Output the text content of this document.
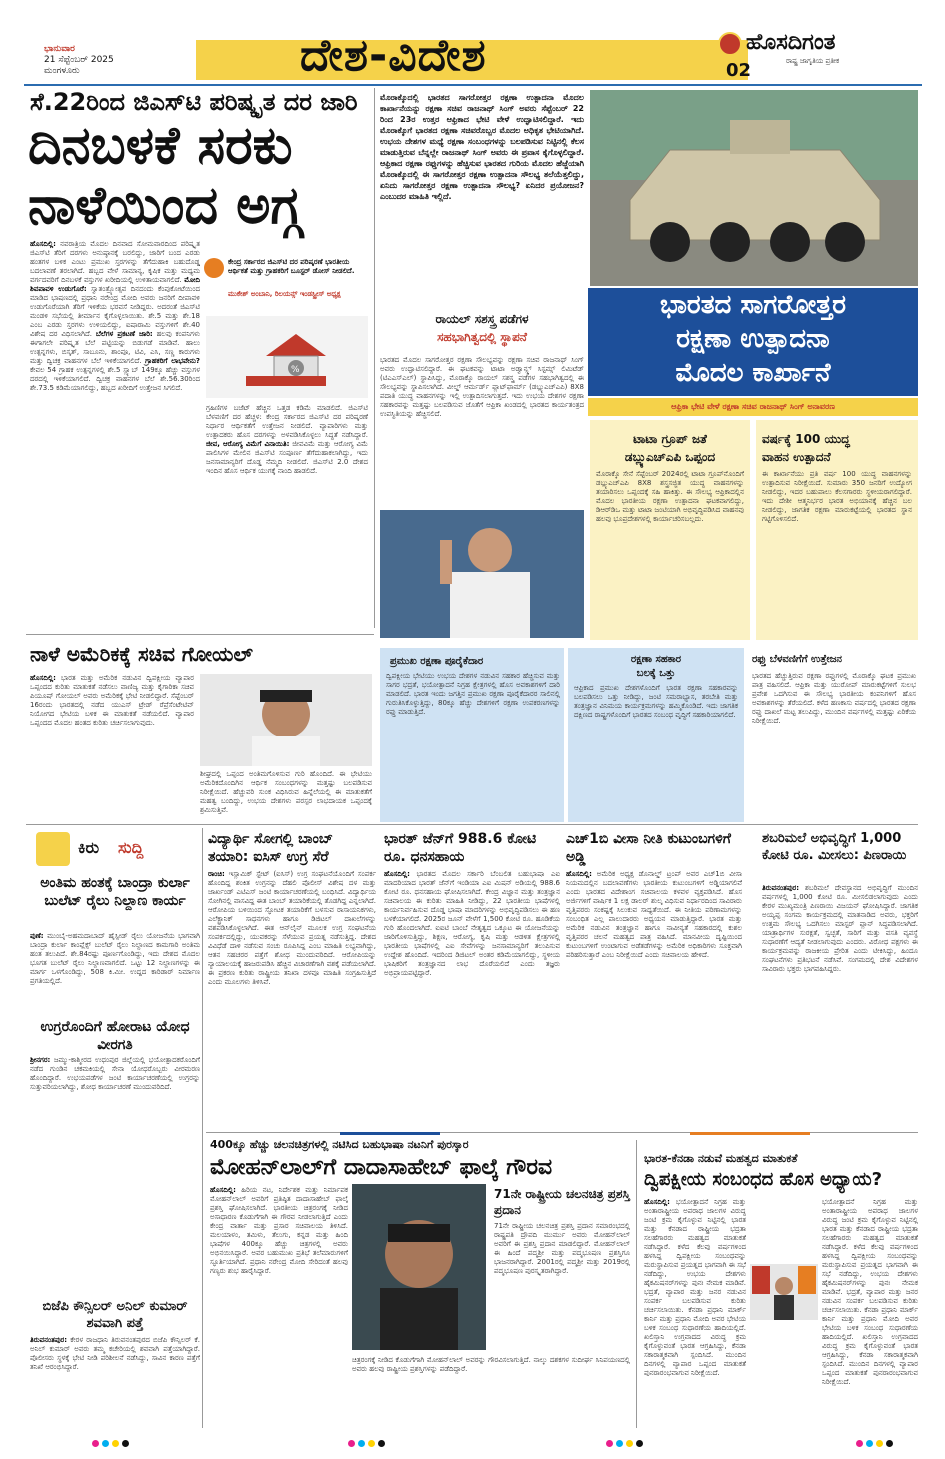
ಭಾನುವಾರ
21 ಸೆಪ್ಟೆಂಬರ್ 2025
ಮಂಗಳೂರು	ದೇಶ-ವಿದೇಶ	ಹೊಸದಿಗಂತ
ರಾಷ್ಟ್ರ ಜಾಗೃತಿಯ ಪ್ರತೀಕ
02
ಸೆ.22ರಿಂದ ಜಿಎಸ್‌ಟಿ ಪರಿಷ್ಕೃತ ದರ ಜಾರಿ
ದಿನಬಳಕೆ ಸರಕು
ನಾಳೆಯಿಂದ ಅಗ್ಗ
ಹೊಸದಿಲ್ಲಿ: ನವರಾತ್ರಿಯ ಮೊದಲ ದಿನವಾದ ಸೋಮವಾರದಿಂದ ಪರಿಷ್ಕೃತ ಜಿಎಸ್‌ಟಿ ತೆರಿಗೆ ದರಗಳು ಅನುಷ್ಠಾನಕ್ಕೆ ಬರಲಿದ್ದು, ಜಾರಿಗೆ ಬಂದ ಎರಡು ಹಂತಗಳ ಬಳಿಕ ಎಂಟು ಪ್ರಮುಖ ಸ್ತರಗಳನ್ನು ತೆಗೆದುಹಾಕಿ ಬಹುದೊಡ್ಡ ಬದಲಾವಣೆ ತರಲಾಗಿದೆ. ಹಬ್ಬದ ವೇಳೆ ಸಾಮಾನ್ಯ, ಕೃಷಿಕ ಮತ್ತು ಮಧ್ಯಮ ವರ್ಗದವರಿಗೆ ದಿನಬಳಕೆ ವಸ್ತುಗಳ ಖರೀದಿಯಲ್ಲಿ ಉಳಿತಾಯವಾಗಲಿದೆ. ಮೋದಿ ಶಿವಪಾವಳಿ ಉಡುಗೊರೆ: ಸ್ವಾತಂತ್ರ್ಯೋತ್ಸವ ದಿನದಂದು ಕೆಂಪುಕೋಟೆಯಿಂದ ಮಾಡಿದ ಭಾಷಣದಲ್ಲಿ ಪ್ರಧಾನಿ ನರೇಂದ್ರ ಮೋದಿ ಅವರು ಜನರಿಗೆ ದೀಪಾವಳಿ ಉಡುಗೊರೆಯಾಗಿ ತೆರಿಗೆ ಇಳಿಕೆಯ ಭರವಸೆ ನೀಡಿದ್ದರು. ಅದರಂತೆ ಜಿಎಸ್‌ಟಿ ಮಂಡಳಿ ಸಭೆಯಲ್ಲಿ ತೀರ್ಮಾನ ಕೈಗೊಳ್ಳಲಾಯಿತು. ಶೇ.5 ಮತ್ತು ಶೇ.18 ಎಂಬ ಎರಡು ಸ್ತರಗಳು ಉಳಿಯಲಿದ್ದು, ಐಷಾರಾಮಿ ವಸ್ತುಗಳಿಗೆ ಶೇ.40 ವಿಶೇಷ ದರ ವಿಧಿಸಲಾಗಿದೆ. ಬೆಲೆಗಳ ಪ್ರಕಟಣೆ ಜಾರಿ: ಹಲವು ಕಂಪನಿಗಳು ಈಗಾಗಲೇ ಪರಿಷ್ಕೃತ ಬೆಲೆ ಪಟ್ಟಿಯನ್ನು ಬಿಡುಗಡೆ ಮಾಡಿವೆ. ಹಾಲು ಉತ್ಪನ್ನಗಳು, ಬಿಸ್ಕತ್, ಸಾಬೂನು, ಶಾಂಪೂ, ಟಿವಿ, ಎಸಿ, ಸಣ್ಣ ಕಾರುಗಳು ಮತ್ತು ದ್ವಿಚಕ್ರ ವಾಹನಗಳ ಬೆಲೆ ಇಳಿಕೆಯಾಗಲಿದೆ. ಗ್ರಾಹಕರಿಗೆ ಲಾಭವೇನು? ಕೇವಲ 54 ಗ್ರಾಹಕ ಉತ್ಪನ್ನಗಳಲ್ಲಿ ಶೇ.5 ಸ್ಲ್ಯಾಬ್ 149ಕ್ಕೂ ಹೆಚ್ಚು ವಸ್ತುಗಳ ದರದಲ್ಲಿ ಇಳಿಕೆಯಾಗಲಿದೆ. ದ್ವಿಚಕ್ರ ವಾಹನಗಳ ಬೆಲೆ ಶೇ.56.30ರಿಂದ ಶೇ.73.5 ಕಡಿಮೆಯಾಗಲಿದ್ದು, ಹಬ್ಬದ ಖರೀದಿಗೆ ಉತ್ತೇಜನ ಸಿಗಲಿದೆ.
ಕೇಂದ್ರ ಸರ್ಕಾರದ ಜಿಎಸ್‌ಟಿ ದರ ಪರಿಷ್ಕರಣೆ ಭಾರತೀಯ ಆರ್ಥಿಕತೆ ಮತ್ತು ಗ್ರಾಹಕರಿಗೆ ಬೂಸ್ಟರ್ ಡೋಸ್ ನೀಡಲಿದೆ.
ಮುಕೇಶ್ ಅಂಬಾನಿ, ರಿಲಯನ್ಸ್ ಇಂಡಸ್ಟ್ರೀಸ್ ಅಧ್ಯಕ್ಷ
%
ಗ್ರಹಿಣಿಗಳ ಬಜೆಟ್ ಹೆಚ್ಚಿನ ಒತ್ತಡ ಕಡಿಮೆ ಮಾಡಲಿದೆ. ಜಿಎಸ್‌ಟಿ ಬೆಳವಣಿಗೆ ದರ ಹೆಚ್ಚಳ: ಕೇಂದ್ರ ಸರ್ಕಾರದ ಜಿಎಸ್‌ಟಿ ದರ ಪರಿಷ್ಕರಣೆ ನಿರ್ಧಾರ ಆರ್ಥಿಕತೆಗೆ ಉತ್ತೇಜನ ನೀಡಲಿದೆ. ವ್ಯಾಪಾರಿಗಳು ಮತ್ತು ಉತ್ಪಾದಕರು ಹೊಸ ದರಗಳನ್ನು ಅಳವಡಿಸಿಕೊಳ್ಳಲು ಸಿದ್ಧತೆ ನಡೆಸಿದ್ದಾರೆ. ಜೀವ, ಆರೋಗ್ಯ ವಿಮೆಗೆ ವಿನಾಯಿತಿ: ಜೀವವಿಮೆ ಮತ್ತು ಆರೋಗ್ಯ ವಿಮೆ ಪಾಲಿಸಿಗಳ ಮೇಲಿನ ಜಿಎಸ್‌ಟಿ ಸಂಪೂರ್ಣ ತೆಗೆದುಹಾಕಲಾಗಿದ್ದು, ಇದು ಜನಸಾಮಾನ್ಯರಿಗೆ ದೊಡ್ಡ ನೆಮ್ಮದಿ ನೀಡಲಿದೆ. ಜಿಎಸ್‌ಟಿ 2.0 ದೇಶದ ಇಂದಿನ ಹೊಸ ಆರ್ಥಿಕ ಯುಗಕ್ಕೆ ನಾಂದಿ ಹಾಡಲಿದೆ.
ಮೊರಾಕ್ಕೊದಲ್ಲಿ ಭಾರತದ ಸಾಗರೋತ್ತರ ರಕ್ಷಣಾ ಉತ್ಪಾದನಾ ಮೊದಲ ಕಾರ್ಖಾನೆಯನ್ನು ರಕ್ಷಣಾ ಸಚಿವ ರಾಜನಾಥ್ ಸಿಂಗ್ ಅವರು ಸೆಪ್ಟೆಂಬರ್ 22 ರಿಂದ 23ರ ಉತ್ತರ ಆಫ್ರಿಕಾದ ಭೇಟಿ ವೇಳೆ ಉದ್ಘಾಟಿಸಲಿದ್ದಾರೆ. ಇದು ಮೊರಾಕ್ಕೊಗೆ ಭಾರತದ ರಕ್ಷಣಾ ಸಚಿವರೊಬ್ಬರ ಮೊದಲ ಅಧಿಕೃತ ಭೇಟಿಯಾಗಿದೆ. ಉಭಯ ದೇಶಗಳ ಮಧ್ಯೆ ರಕ್ಷಣಾ ಸಂಬಂಧಗಳನ್ನು ಬಲಪಡಿಸುವ ನಿಟ್ಟಿನಲ್ಲಿ ಕೆಲಸ ಮಾಡುತ್ತಿರುವ ಬೆನ್ನಲ್ಲೇ ರಾಜನಾಥ್ ಸಿಂಗ್ ಅವರು ಈ ಪ್ರವಾಸ ಕೈಗೊಳ್ಳಲಿದ್ದಾರೆ. ಆಫ್ರಿಕಾದ ರಕ್ಷಣಾ ರಫ್ತುಗಳನ್ನು ಹೆಚ್ಚಿಸುವ ಭಾರತದ ಗುರಿಯ ಮೊದಲ ಹೆಜ್ಜೆಯಾಗಿ ಮೊರಾಕ್ಕೊದಲ್ಲಿ ಈ ಸಾಗರೋತ್ತರ ರಕ್ಷಣಾ ಉತ್ಪಾದನಾ ಸೌಲಭ್ಯ ತಲೆಯೆತ್ತಲಿದ್ದು, ಏನಿದು ಸಾಗರೋತ್ತರ ರಕ್ಷಣಾ ಉತ್ಪಾದನಾ ಸೌಲಭ್ಯ? ಏನಿದರ ಪ್ರಯೋಜನ? ಎಂಬುದರ ಮಾಹಿತಿ ಇಲ್ಲಿದೆ.
ಭಾರತದ ಸಾಗರೋತ್ತರ
ರಕ್ಷಣಾ ಉತ್ಪಾದನಾ
ಮೊದಲ ಕಾರ್ಖಾನೆ
ಆಫ್ರಿಕಾ ಭೇಟಿ ವೇಳೆ ರಕ್ಷಣಾ ಸಚಿವ ರಾಜನಾಥ್ ಸಿಂಗ್ ಅನಾವರಣ
ರಾಯಲ್ ಸಶಸ್ತ್ರ ಪಡೆಗಳ
ಸಹಭಾಗಿತ್ವದಲ್ಲಿ ಸ್ಥಾಪನೆ
ಭಾರತದ ಮೊದಲ ಸಾಗರೋತ್ತರ ರಕ್ಷಣಾ ಸೌಲಭ್ಯವನ್ನು ರಕ್ಷಣಾ ಸಚಿವ ರಾಜನಾಥ್ ಸಿಂಗ್ ಅವರು ಉದ್ಘಾಟಿಸಲಿದ್ದಾರೆ. ಈ ಘಟಕವನ್ನು ಟಾಟಾ ಅಡ್ವಾನ್ಸ್ಡ್ ಸಿಸ್ಟಮ್ಸ್ ಲಿಮಿಟೆಡ್ (ಟಿಎಎಸ್‌ಎಲ್) ಸ್ಥಾಪಿಸಿದ್ದು, ಮೊರಾಕ್ಕೊ ರಾಯಲ್ ಸಶಸ್ತ್ರ ಪಡೆಗಳ ಸಹಭಾಗಿತ್ವದಲ್ಲಿ ಈ ಸೌಲಭ್ಯವನ್ನು ಸ್ಥಾಪಿಸಲಾಗಿದೆ. ವೀಲ್ಡ್ ಆರ್ಮರ್ಡ್ ಪ್ಲಾಟ್‌ಫಾರ್ಮ್ (ಡಬ್ಲ್ಯುಎಚ್‌ಎಪಿ) 8X8 ಪದಾತಿ ಯುದ್ಧ ವಾಹನಗಳನ್ನು ಇಲ್ಲಿ ಉತ್ಪಾದಿಸಲಾಗುತ್ತದೆ. ಇದು ಉಭಯ ದೇಶಗಳ ರಕ್ಷಣಾ ಸಹಕಾರವನ್ನು ಮತ್ತಷ್ಟು ಬಲಪಡಿಸುವ ಜೊತೆಗೆ ಆಫ್ರಿಕಾ ಖಂಡದಲ್ಲಿ ಭಾರತದ ಕಾರ್ಯತಂತ್ರದ ಉಪಸ್ಥಿತಿಯನ್ನು ಹೆಚ್ಚಿಸಲಿದೆ.
ಟಾಟಾ ಗ್ರೂಪ್ ಜತೆ
ಡಬ್ಲ್ಯುಎಚ್‌ಎಪಿ ಒಪ್ಪಂದ
ಮೊರಾಕ್ಕೊ ಸೇನೆ ಸೆಪ್ಟೆಂಬರ್ 2024ರಲ್ಲಿ ಟಾಟಾ ಗ್ರೂಪ್‌ನೊಂದಿಗೆ ಡಬ್ಲ್ಯುಎಚ್‌ಎಪಿ 8X8 ಶಸ್ತ್ರಸಜ್ಜಿತ ಯುದ್ಧ ವಾಹನಗಳನ್ನು ತಯಾರಿಸಲು ಒಪ್ಪಂದಕ್ಕೆ ಸಹಿ ಹಾಕಿತ್ತು. ಈ ಸೌಲಭ್ಯ ಆಫ್ರಿಕಾದಲ್ಲಿನ ಮೊದಲ ಭಾರತೀಯ ರಕ್ಷಣಾ ಉತ್ಪಾದನಾ ಘಟಕವಾಗಲಿದ್ದು, ಡಿಆರ್‌ಡಿಒ ಮತ್ತು ಟಾಟಾ ಜಂಟಿಯಾಗಿ ಅಭಿವೃದ್ಧಿಪಡಿಸಿದ ವಾಹನವು ಹಲವು ಭೂಪ್ರದೇಶಗಳಲ್ಲಿ ಕಾರ್ಯಾಚರಿಸಬಲ್ಲದು.
ವರ್ಷಕ್ಕೆ 100 ಯುದ್ಧ
ವಾಹನ ಉತ್ಪಾದನೆ
ಈ ಕಾರ್ಖಾನೆಯು ಪ್ರತಿ ವರ್ಷ 100 ಯುದ್ಧ ವಾಹನಗಳನ್ನು ಉತ್ಪಾದಿಸುವ ನಿರೀಕ್ಷೆಯಿದೆ. ಸುಮಾರು 350 ಜನರಿಗೆ ಉದ್ಯೋಗ ನೀಡಲಿದ್ದು, ಇದರ ಬಹುಪಾಲು ಕೆಲಸಗಾರರು ಸ್ಥಳೀಯರಾಗಲಿದ್ದಾರೆ. ಇದು ದೇಶೀ ಆತ್ಮನಿರ್ಭರ ಭಾರತ ಅಭಿಯಾನಕ್ಕೆ ಹೆಚ್ಚಿನ ಬಲ ನೀಡಲಿದ್ದು, ಜಾಗತಿಕ ರಕ್ಷಣಾ ಮಾರುಕಟ್ಟೆಯಲ್ಲಿ ಭಾರತದ ಸ್ಥಾನ ಗಟ್ಟಿಗೊಳಿಸಲಿದೆ.
ನಾಳೆ ಅಮೆರಿಕಕ್ಕೆ ಸಚಿವ ಗೋಯಲ್
ಹೊಸದಿಲ್ಲಿ: ಭಾರತ ಮತ್ತು ಅಮೆರಿಕ ನಡುವಿನ ದ್ವಿಪಕ್ಷೀಯ ವ್ಯಾಪಾರ ಒಪ್ಪಂದದ ಕುರಿತು ಮಾತುಕತೆ ನಡೆಸಲು ವಾಣಿಜ್ಯ ಮತ್ತು ಕೈಗಾರಿಕಾ ಸಚಿವ ಪಿಯೂಷ್ ಗೋಯಲ್ ಅವರು ಅಮೆರಿಕಕ್ಕೆ ಭೇಟಿ ನೀಡಲಿದ್ದಾರೆ. ಸೆಪ್ಟೆಂಬರ್ 16ರಂದು ಭಾರತದಲ್ಲಿ ನಡೆದ ಯುಎಸ್ ಟ್ರೇಡ್ ರೆಪ್ರೆಸೆಂಟೇಟಿವ್ ನಿಯೋಗದ ಭೇಟಿಯ ಬಳಿಕ ಈ ಮಾತುಕತೆ ನಡೆಯಲಿದೆ. ವ್ಯಾಪಾರ ಒಪ್ಪಂದದ ಮೊದಲ ಹಂತದ ಕುರಿತು ಚರ್ಚಿಸಲಾಗುವುದು.
ಶೀಘ್ರದಲ್ಲಿ ಒಪ್ಪಂದ ಅಂತಿಮಗೊಳಿಸುವ ಗುರಿ ಹೊಂದಿದೆ. ಈ ಭೇಟಿಯು ಅಮೆರಿಕದೊಂದಿಗಿನ ಆರ್ಥಿಕ ಸಂಬಂಧಗಳನ್ನು ಮತ್ತಷ್ಟು ಬಲಪಡಿಸುವ ನಿರೀಕ್ಷೆಯಿದೆ. ಹೆಚ್ಚುವರಿ ಸುಂಕ ವಿಧಿಸಿರುವ ಹಿನ್ನೆಲೆಯಲ್ಲಿ ಈ ಮಾತುಕತೆಗೆ ಮಹತ್ವ ಬಂದಿದ್ದು, ಉಭಯ ದೇಶಗಳು ಪರಸ್ಪರ ಲಾಭದಾಯಕ ಒಪ್ಪಂದಕ್ಕೆ ಶ್ರಮಿಸುತ್ತಿವೆ.
ಪ್ರಮುಖ ರಕ್ಷಣಾ ಪೂರೈಕೆದಾರ
ದ್ವಿಪಕ್ಷೀಯ ಭೇಟಿಯು ಉಭಯ ದೇಶಗಳ ನಡುವಿನ ಸಹಕಾರ ಹೆಚ್ಚಿಸುವ ಮತ್ತು ಸಾಗರ ಭದ್ರತೆ, ಭಯೋತ್ಪಾದನೆ ನಿಗ್ರಹ ಕ್ಷೇತ್ರಗಳಲ್ಲಿ ಹೊಸ ಅವಕಾಶಗಳಿಗೆ ದಾರಿ ಮಾಡಲಿದೆ. ಭಾರತ ಇಂದು ಜಗತ್ತಿನ ಪ್ರಮುಖ ರಕ್ಷಣಾ ಪೂರೈಕೆದಾರರ ಸಾಲಿನಲ್ಲಿ ಗುರುತಿಸಿಕೊಳ್ಳುತ್ತಿದ್ದು, 80ಕ್ಕೂ ಹೆಚ್ಚು ದೇಶಗಳಿಗೆ ರಕ್ಷಣಾ ಉಪಕರಣಗಳನ್ನು ರಫ್ತು ಮಾಡುತ್ತಿದೆ.
ರಕ್ಷಣಾ ಸಹಕಾರ
ಬಲಕ್ಕೆ ಒತ್ತು
ಆಫ್ರಿಕಾದ ಪ್ರಮುಖ ದೇಶಗಳೊಂದಿಗೆ ಭಾರತ ರಕ್ಷಣಾ ಸಹಕಾರವನ್ನು ಬಲಪಡಿಸಲು ಒತ್ತು ನೀಡಿದ್ದು, ಜಂಟಿ ಸಮರಾಭ್ಯಾಸ, ತರಬೇತಿ ಮತ್ತು ತಂತ್ರಜ್ಞಾನ ವಿನಿಮಯ ಕಾರ್ಯಕ್ರಮಗಳನ್ನು ಹಮ್ಮಿಕೊಂಡಿದೆ. ಇದು ಜಾಗತಿಕ ದಕ್ಷಿಣದ ರಾಷ್ಟ್ರಗಳೊಂದಿಗೆ ಭಾರತದ ಸಂಬಂಧ ವೃದ್ಧಿಗೆ ಸಹಕಾರಿಯಾಗಲಿದೆ.
ರಫ್ತು ಬೆಳವಣಿಗೆಗೆ ಉತ್ತೇಜನ
ಭಾರತದ ಹೆಚ್ಚುತ್ತಿರುವ ರಕ್ಷಣಾ ರಫ್ತುಗಳಲ್ಲಿ ಮೊರಾಕ್ಕೊ ಘಟಕ ಪ್ರಮುಖ ಪಾತ್ರ ವಹಿಸಲಿದೆ. ಆಫ್ರಿಕಾ ಮತ್ತು ಯುರೋಪ್ ಮಾರುಕಟ್ಟೆಗಳಿಗೆ ಸುಲಭ ಪ್ರವೇಶ ಒದಗಿಸುವ ಈ ಸೌಲಭ್ಯ ಭಾರತೀಯ ಕಂಪನಿಗಳಿಗೆ ಹೊಸ ಅವಕಾಶಗಳನ್ನು ತೆರೆಯಲಿದೆ. ಕಳೆದ ಹಣಕಾಸು ವರ್ಷದಲ್ಲಿ ಭಾರತದ ರಕ್ಷಣಾ ರಫ್ತು ದಾಖಲೆ ಮಟ್ಟ ತಲುಪಿದ್ದು, ಮುಂದಿನ ವರ್ಷಗಳಲ್ಲಿ ಮತ್ತಷ್ಟು ಏರಿಕೆಯ ನಿರೀಕ್ಷೆಯಿದೆ.
ಕಿರು ಸುದ್ದಿ
ಅಂತಿಮ ಹಂತಕ್ಕೆ ಬಾಂದ್ರಾ ಕುರ್ಲಾ ಬುಲೆಟ್ ರೈಲು ನಿಲ್ದಾಣ ಕಾರ್ಯ
ಪುಣೆ: ಮುಂಬೈ-ಅಹಮದಾಬಾದ್ ಹೈಸ್ಪೀಡ್ ರೈಲು ಯೋಜನೆಯ ಭಾಗವಾಗಿ ಬಾಂದ್ರಾ ಕುರ್ಲಾ ಕಾಂಪ್ಲೆಕ್ಸ್ ಬುಲೆಟ್ ರೈಲು ನಿಲ್ದಾಣದ ಕಾಮಗಾರಿ ಅಂತಿಮ ಹಂತ ತಲುಪಿದೆ. ಶೇ.84ರಷ್ಟು ಪೂರ್ಣಗೊಂಡಿದ್ದು, ಇದು ದೇಶದ ಮೊದಲ ಭೂಗತ ಬುಲೆಟ್ ರೈಲು ನಿಲ್ದಾಣವಾಗಲಿದೆ. ಒಟ್ಟು 12 ನಿಲ್ದಾಣಗಳನ್ನು ಈ ಮಾರ್ಗ ಒಳಗೊಂಡಿದ್ದು, 508 ಕಿ.ಮೀ. ಉದ್ದದ ಕಾರಿಡಾರ್ ನಿರ್ಮಾಣ ಪ್ರಗತಿಯಲ್ಲಿದೆ.
ಉಗ್ರರೊಂದಿಗೆ ಹೋರಾಟ ಯೋಧ ವೀರಗತಿ
ಶ್ರೀನಗರ: ಜಮ್ಮು-ಕಾಶ್ಮೀರದ ಉಧಂಪುರ ಜಿಲ್ಲೆಯಲ್ಲಿ ಭಯೋತ್ಪಾದಕರೊಂದಿಗೆ ನಡೆದ ಗುಂಡಿನ ಚಕಮಕಿಯಲ್ಲಿ ಸೇನಾ ಯೋಧರೊಬ್ಬರು ವೀರಮರಣ ಹೊಂದಿದ್ದಾರೆ. ಉಭಯಪಡೆಗಳ ಜಂಟಿ ಕಾರ್ಯಾಚರಣೆಯಲ್ಲಿ ಉಗ್ರರನ್ನು ಸುತ್ತುವರಿಯಲಾಗಿದ್ದು, ಶೋಧ ಕಾರ್ಯಾಚರಣೆ ಮುಂದುವರಿದಿದೆ.
ಬಿಜೆಪಿ ಕೌನ್ಸಿಲರ್ ಅನಿಲ್ ಕುಮಾರ್ ಶವವಾಗಿ ಪತ್ತೆ
ತಿರುವನಂತಪುರ: ಕೇರಳ ರಾಜಧಾನಿ ತಿರುವನಂತಪುರದ ಬಿಜೆಪಿ ಕೌನ್ಸಿಲರ್ ಕೆ. ಅನಿಲ್ ಕುಮಾರ್ ಅವರು ತಮ್ಮ ಕಚೇರಿಯಲ್ಲಿ ಶವವಾಗಿ ಪತ್ತೆಯಾಗಿದ್ದಾರೆ. ಪೊಲೀಸರು ಸ್ಥಳಕ್ಕೆ ಭೇಟಿ ನೀಡಿ ಪರಿಶೀಲನೆ ನಡೆಸಿದ್ದು, ಸಾವಿನ ಕಾರಣ ಪತ್ತೆಗೆ ತನಿಖೆ ಆರಂಭಿಸಿದ್ದಾರೆ.
ವಿದ್ಯಾರ್ಥಿ ಸೋಗಲ್ಲಿ ಬಾಂಬ್ ತಯಾರಿ: ಐಸಿಸ್ ಉಗ್ರ ಸೆರೆ
ರಾಂಚಿ: ಇಸ್ಲಾಮಿಕ್ ಸ್ಟೇಟ್ (ಐಸಿಸ್) ಉಗ್ರ ಸಂಘಟನೆಯೊಂದಿಗೆ ಸಂಪರ್ಕ ಹೊಂದಿದ್ದ ಶಂಕಿತ ಉಗ್ರನನ್ನು ದೆಹಲಿ ಪೊಲೀಸ್ ವಿಶೇಷ ದಳ ಮತ್ತು ಜಾರ್ಖಂಡ್ ಎಟಿಎಸ್ ಜಂಟಿ ಕಾರ್ಯಾಚರಣೆಯಲ್ಲಿ ಬಂಧಿಸಿದೆ. ವಿದ್ಯಾರ್ಥಿಯ ಸೋಗಿನಲ್ಲಿ ವಾಸವಿದ್ದ ಈತ ಬಾಂಬ್ ತಯಾರಿಕೆಯಲ್ಲಿ ತೊಡಗಿದ್ದ ಎನ್ನಲಾಗಿದೆ. ಆರೋಪಿಯ ಬಳಿಯಿಂದ ಸ್ಫೋಟಕ ತಯಾರಿಕೆಗೆ ಬಳಸುವ ರಾಸಾಯನಿಕಗಳು, ಎಲೆಕ್ಟ್ರಾನಿಕ್ ಸಾಧನಗಳು ಹಾಗೂ ಡಿಜಿಟಲ್ ದಾಖಲೆಗಳನ್ನು ವಶಪಡಿಸಿಕೊಳ್ಳಲಾಗಿದೆ. ಈತ ಆನ್‌ಲೈನ್ ಮೂಲಕ ಉಗ್ರ ಸಂಘಟನೆಯ ಸಂಪರ್ಕದಲ್ಲಿದ್ದು, ಯುವಕರನ್ನು ಸೆಳೆಯುವ ಪ್ರಯತ್ನ ನಡೆಸುತ್ತಿದ್ದ. ದೇಶದ ವಿವಿಧೆಡೆ ದಾಳಿ ನಡೆಸುವ ಸಂಚು ರೂಪಿಸಿದ್ದ ಎಂಬ ಮಾಹಿತಿ ಲಭ್ಯವಾಗಿದ್ದು, ಆತನ ಸಹಚರರ ಪತ್ತೆಗೆ ಶೋಧ ಮುಂದುವರಿದಿದೆ. ಆರೋಪಿಯನ್ನು ನ್ಯಾಯಾಲಯಕ್ಕೆ ಹಾಜರುಪಡಿಸಿ ಹೆಚ್ಚಿನ ವಿಚಾರಣೆಗಾಗಿ ವಶಕ್ಕೆ ಪಡೆಯಲಾಗಿದೆ. ಈ ಪ್ರಕರಣ ಕುರಿತು ರಾಷ್ಟ್ರೀಯ ತನಿಖಾ ದಳವೂ ಮಾಹಿತಿ ಸಂಗ್ರಹಿಸುತ್ತಿದೆ ಎಂದು ಮೂಲಗಳು ತಿಳಿಸಿವೆ.
ಭಾರತ್ ಜೆನ್‌ಗೆ 988.6 ಕೋಟಿ ರೂ. ಧನಸಹಾಯ
ಹೊಸದಿಲ್ಲಿ: ಭಾರತದ ಮೊದಲ ಸರ್ಕಾರಿ ಬೆಂಬಲಿತ ಬಹುಭಾಷಾ ಎಐ ಮಾದರಿಯಾದ ಭಾರತ್ ಜೆನ್‌ಗೆ ಇಂಡಿಯಾ ಎಐ ಮಿಷನ್ ಅಡಿಯಲ್ಲಿ 988.6 ಕೋಟಿ ರೂ. ಧನಸಹಾಯ ಘೋಷಿಸಲಾಗಿದೆ. ಕೇಂದ್ರ ವಿಜ್ಞಾನ ಮತ್ತು ತಂತ್ರಜ್ಞಾನ ಸಚಿವಾಲಯ ಈ ಕುರಿತು ಮಾಹಿತಿ ನೀಡಿದ್ದು, 22 ಭಾರತೀಯ ಭಾಷೆಗಳಲ್ಲಿ ಕಾರ್ಯನಿರ್ವಹಿಸುವ ದೊಡ್ಡ ಭಾಷಾ ಮಾದರಿಗಳನ್ನು ಅಭಿವೃದ್ಧಿಪಡಿಸಲು ಈ ಹಣ ಬಳಕೆಯಾಗಲಿದೆ. 2025ರ ಜೂನ್ ವೇಳೆಗೆ 1,500 ಕೋಟಿ ರೂ. ಹೂಡಿಕೆಯ ಗುರಿ ಹೊಂದಲಾಗಿದೆ. ಐಐಟಿ ಬಾಂಬೆ ನೇತೃತ್ವದ ಒಕ್ಕೂಟ ಈ ಯೋಜನೆಯನ್ನು ಜಾರಿಗೊಳಿಸುತ್ತಿದ್ದು, ಶಿಕ್ಷಣ, ಆರೋಗ್ಯ, ಕೃಷಿ ಮತ್ತು ಆಡಳಿತ ಕ್ಷೇತ್ರಗಳಲ್ಲಿ ಭಾರತೀಯ ಭಾಷೆಗಳಲ್ಲಿ ಎಐ ಸೇವೆಗಳನ್ನು ಜನಸಾಮಾನ್ಯರಿಗೆ ತಲುಪಿಸುವ ಉದ್ದೇಶ ಹೊಂದಿದೆ. ಇದರಿಂದ ಡಿಜಿಟಲ್ ಅಂತರ ಕಡಿಮೆಯಾಗಲಿದ್ದು, ಸ್ಥಳೀಯ ಭಾಷಿಕರಿಗೆ ತಂತ್ರಜ್ಞಾನದ ಲಾಭ ದೊರೆಯಲಿದೆ ಎಂದು ತಜ್ಞರು ಅಭಿಪ್ರಾಯಪಟ್ಟಿದ್ದಾರೆ.
ಎಚ್1ಬಿ ವೀಸಾ ನೀತಿ ಕುಟುಂಬಗಳಿಗೆ ಅಡ್ಡಿ
ಹೊಸದಿಲ್ಲಿ: ಅಮೆರಿಕ ಅಧ್ಯಕ್ಷ ಡೊನಾಲ್ಡ್ ಟ್ರಂಪ್ ಅವರ ಎಚ್1ಬಿ ವೀಸಾ ನಿಯಮದಲ್ಲಿನ ಬದಲಾವಣೆಗಳು ಭಾರತೀಯ ಕುಟುಂಬಗಳಿಗೆ ಅಡ್ಡಿಯಾಗಲಿವೆ ಎಂದು ಭಾರತದ ವಿದೇಶಾಂಗ ಸಚಿವಾಲಯ ಕಳವಳ ವ್ಯಕ್ತಪಡಿಸಿದೆ. ಹೊಸ ಅರ್ಜಿಗಳಿಗೆ ವಾರ್ಷಿಕ 1 ಲಕ್ಷ ಡಾಲರ್ ಶುಲ್ಕ ವಿಧಿಸುವ ನಿರ್ಧಾರದಿಂದ ಸಾವಿರಾರು ವೃತ್ತಿಪರರು ಸಂಕಷ್ಟಕ್ಕೆ ಸಿಲುಕುವ ಸಾಧ್ಯತೆಯಿದೆ. ಈ ನೀತಿಯ ಪರಿಣಾಮಗಳನ್ನು ಸಂಬಂಧಿತ ಎಲ್ಲ ಪಾಲುದಾರರು ಅಧ್ಯಯನ ಮಾಡುತ್ತಿದ್ದಾರೆ. ಭಾರತ ಮತ್ತು ಅಮೆರಿಕ ನಡುವಿನ ತಂತ್ರಜ್ಞಾನ ಹಾಗೂ ನಾವೀನ್ಯತೆ ಸಹಕಾರದಲ್ಲಿ ಕುಶಲ ವೃತ್ತಿಪರರ ಚಲನೆ ಮಹತ್ವದ ಪಾತ್ರ ವಹಿಸಿದೆ. ಮಾನವೀಯ ದೃಷ್ಟಿಯಿಂದ ಕುಟುಂಬಗಳಿಗೆ ಉಂಟಾಗುವ ಅಡೆತಡೆಗಳನ್ನು ಅಮೆರಿಕ ಅಧಿಕಾರಿಗಳು ಸೂಕ್ತವಾಗಿ ಪರಿಹರಿಸುತ್ತಾರೆ ಎಂಬ ನಿರೀಕ್ಷೆಯಿದೆ ಎಂದು ಸಚಿವಾಲಯ ಹೇಳಿದೆ.
ಶಬರಿಮಲೆ ಅಭಿವೃದ್ಧಿಗೆ 1,000 ಕೋಟಿ ರೂ. ಮೀಸಲು: ಪಿಣರಾಯಿ
ತಿರುವನಂತಪುರ: ಶಬರಿಮಲೆ ದೇವಸ್ಥಾನದ ಅಭಿವೃದ್ಧಿಗೆ ಮುಂದಿನ ವರ್ಷಗಳಲ್ಲಿ 1,000 ಕೋಟಿ ರೂ. ಮೀಸಲಿಡಲಾಗುವುದು ಎಂದು ಕೇರಳ ಮುಖ್ಯಮಂತ್ರಿ ಪಿಣರಾಯಿ ವಿಜಯನ್ ಘೋಷಿಸಿದ್ದಾರೆ. ಜಾಗತಿಕ ಅಯ್ಯಪ್ಪ ಸಂಗಮ ಕಾರ್ಯಕ್ರಮದಲ್ಲಿ ಮಾತನಾಡಿದ ಅವರು, ಭಕ್ತರಿಗೆ ಉತ್ತಮ ಸೌಲಭ್ಯ ಒದಗಿಸಲು ಮಾಸ್ಟರ್ ಪ್ಲಾನ್ ಸಿದ್ಧಪಡಿಸಲಾಗಿದೆ. ಯಾತ್ರಾರ್ಥಿಗಳ ಸುರಕ್ಷತೆ, ಸ್ವಚ್ಛತೆ, ಸಾರಿಗೆ ಮತ್ತು ವಸತಿ ವ್ಯವಸ್ಥೆ ಸುಧಾರಣೆಗೆ ಆದ್ಯತೆ ನೀಡಲಾಗುವುದು ಎಂದರು. ವಿರೋಧ ಪಕ್ಷಗಳು ಈ ಕಾರ್ಯಕ್ರಮವನ್ನು ರಾಜಕೀಯ ಪ್ರೇರಿತ ಎಂದು ಟೀಕಿಸಿದ್ದು, ಹಿಂದೂ ಸಂಘಟನೆಗಳು ಪ್ರತಿಭಟನೆ ನಡೆಸಿವೆ. ಸಂಗಮದಲ್ಲಿ ದೇಶ ವಿದೇಶಗಳ ಸಾವಿರಾರು ಭಕ್ತರು ಭಾಗವಹಿಸಿದ್ದರು.
400ಕ್ಕೂ ಹೆಚ್ಚು ಚಲನಚಿತ್ರಗಳಲ್ಲಿ ನಟಿಸಿದ ಬಹುಭಾಷಾ ನಟನಿಗೆ ಪುರಸ್ಕಾರ
ಮೋಹನ್‌ಲಾಲ್‌ಗೆ ದಾದಾಸಾಹೇಬ್ ಫಾಲ್ಕೆ ಗೌರವ
ಹೊಸದಿಲ್ಲಿ: ಹಿರಿಯ ನಟ, ನಿರ್ದೇಶಕ ಮತ್ತು ನಿರ್ಮಾಪಕ ಮೋಹನ್‌ಲಾಲ್ ಅವರಿಗೆ ಪ್ರತಿಷ್ಠಿತ ದಾದಾಸಾಹೇಬ್ ಫಾಲ್ಕೆ ಪ್ರಶಸ್ತಿ ಘೋಷಿಸಲಾಗಿದೆ. ಭಾರತೀಯ ಚಿತ್ರರಂಗಕ್ಕೆ ನೀಡಿದ ಅಸಾಧಾರಣ ಕೊಡುಗೆಗಾಗಿ ಈ ಗೌರವ ನೀಡಲಾಗುತ್ತಿದೆ ಎಂದು ಕೇಂದ್ರ ವಾರ್ತಾ ಮತ್ತು ಪ್ರಸಾರ ಸಚಿವಾಲಯ ತಿಳಿಸಿದೆ. ಮಲಯಾಳಂ, ತಮಿಳು, ತೆಲುಗು, ಕನ್ನಡ ಮತ್ತು ಹಿಂದಿ ಭಾಷೆಗಳ 400ಕ್ಕೂ ಹೆಚ್ಚು ಚಿತ್ರಗಳಲ್ಲಿ ಅವರು ಅಭಿನಯಿಸಿದ್ದಾರೆ. ಅವರ ಬಹುಮುಖ ಪ್ರತಿಭೆ ತಲೆಮಾರುಗಳಿಗೆ ಸ್ಫೂರ್ತಿಯಾಗಿದೆ. ಪ್ರಧಾನಿ ನರೇಂದ್ರ ಮೋದಿ ಸೇರಿದಂತೆ ಹಲವು ಗಣ್ಯರು ಶುಭ ಹಾರೈಸಿದ್ದಾರೆ.
71ನೇ ರಾಷ್ಟ್ರೀಯ ಚಲನಚಿತ್ರ ಪ್ರಶಸ್ತಿ ಪ್ರದಾನ
71ನೇ ರಾಷ್ಟ್ರೀಯ ಚಲನಚಿತ್ರ ಪ್ರಶಸ್ತಿ ಪ್ರದಾನ ಸಮಾರಂಭದಲ್ಲಿ ರಾಷ್ಟ್ರಪತಿ ದ್ರೌಪದಿ ಮುರ್ಮು ಅವರು ಮೋಹನ್‌ಲಾಲ್ ಅವರಿಗೆ ಈ ಪ್ರಶಸ್ತಿ ಪ್ರದಾನ ಮಾಡಲಿದ್ದಾರೆ. ಮೋಹನ್‌ಲಾಲ್ ಈ ಹಿಂದೆ ಪದ್ಮಶ್ರೀ ಮತ್ತು ಪದ್ಮಭೂಷಣ ಪ್ರಶಸ್ತಿಗೂ ಭಾಜನರಾಗಿದ್ದಾರೆ. 2001ರಲ್ಲಿ ಪದ್ಮಶ್ರೀ ಮತ್ತು 2019ರಲ್ಲಿ ಪದ್ಮಭೂಷಣ ಪುರಸ್ಕೃತರಾಗಿದ್ದಾರೆ.
ಚಿತ್ರರಂಗಕ್ಕೆ ನೀಡಿದ ಕೊಡುಗೆಗಾಗಿ ಮೋಹನ್‌ಲಾಲ್ ಅವರನ್ನು ಗೌರವಿಸಲಾಗುತ್ತಿದೆ. ನಾಲ್ಕು ದಶಕಗಳ ಸುದೀರ್ಘ ಸಿನಿಪಯಣದಲ್ಲಿ ಅವರು ಹಲವು ರಾಷ್ಟ್ರೀಯ ಪ್ರಶಸ್ತಿಗಳನ್ನು ಪಡೆದಿದ್ದಾರೆ.
ಭಾರತ-ಕೆನಡಾ ನಡುವೆ ಮಹತ್ವದ ಮಾತುಕತೆ
ದ್ವಿಪಕ್ಷೀಯ ಸಂಬಂಧದ ಹೊಸ ಅಧ್ಯಾಯ?
ಹೊಸದಿಲ್ಲಿ: ಭಯೋತ್ಪಾದನೆ ನಿಗ್ರಹ ಮತ್ತು ಅಂತಾರಾಷ್ಟ್ರೀಯ ಅಪರಾಧ ಜಾಲಗಳ ವಿರುದ್ಧ ಜಂಟಿ ಕ್ರಮ ಕೈಗೊಳ್ಳುವ ನಿಟ್ಟಿನಲ್ಲಿ ಭಾರತ ಮತ್ತು ಕೆನಡಾದ ರಾಷ್ಟ್ರೀಯ ಭದ್ರತಾ ಸಲಹೆಗಾರರು ಮಹತ್ವದ ಮಾತುಕತೆ ನಡೆಸಿದ್ದಾರೆ. ಕಳೆದ ಕೆಲವು ವರ್ಷಗಳಿಂದ ಹಳಸಿದ್ದ ದ್ವಿಪಕ್ಷೀಯ ಸಂಬಂಧವನ್ನು ಮರುಸ್ಥಾಪಿಸುವ ಪ್ರಯತ್ನದ ಭಾಗವಾಗಿ ಈ ಸಭೆ ನಡೆದಿದ್ದು, ಉಭಯ ದೇಶಗಳು ಹೈಕಮಿಷನರ್‌ಗಳನ್ನು ಪುನಃ ನೇಮಕ ಮಾಡಿವೆ. ಭದ್ರತೆ, ವ್ಯಾಪಾರ ಮತ್ತು ಜನರ ನಡುವಿನ ಸಂಪರ್ಕ ಬಲಪಡಿಸುವ ಕುರಿತು ಚರ್ಚಿಸಲಾಯಿತು. ಕೆನಡಾ ಪ್ರಧಾನಿ ಮಾರ್ಕ್ ಕಾರ್ನಿ ಮತ್ತು ಪ್ರಧಾನಿ ಮೋದಿ ಅವರ ಭೇಟಿಯ ಬಳಿಕ ಸಂಬಂಧ ಸುಧಾರಣೆಯ ಹಾದಿಯಲ್ಲಿದೆ. ಖಲಿಸ್ತಾನಿ ಉಗ್ರವಾದದ ವಿರುದ್ಧ ಕ್ರಮ ಕೈಗೊಳ್ಳುವಂತೆ ಭಾರತ ಆಗ್ರಹಿಸಿದ್ದು, ಕೆನಡಾ ಸಕಾರಾತ್ಮಕವಾಗಿ ಸ್ಪಂದಿಸಿದೆ. ಮುಂದಿನ ದಿನಗಳಲ್ಲಿ ವ್ಯಾಪಾರ ಒಪ್ಪಂದ ಮಾತುಕತೆ ಪುನರಾರಂಭವಾಗುವ ನಿರೀಕ್ಷೆಯಿದೆ.
ಭಯೋತ್ಪಾದನೆ ನಿಗ್ರಹ ಮತ್ತು ಅಂತಾರಾಷ್ಟ್ರೀಯ ಅಪರಾಧ ಜಾಲಗಳ ವಿರುದ್ಧ ಜಂಟಿ ಕ್ರಮ ಕೈಗೊಳ್ಳುವ ನಿಟ್ಟಿನಲ್ಲಿ ಭಾರತ ಮತ್ತು ಕೆನಡಾದ ರಾಷ್ಟ್ರೀಯ ಭದ್ರತಾ ಸಲಹೆಗಾರರು ಮಹತ್ವದ ಮಾತುಕತೆ ನಡೆಸಿದ್ದಾರೆ. ಕಳೆದ ಕೆಲವು ವರ್ಷಗಳಿಂದ ಹಳಸಿದ್ದ ದ್ವಿಪಕ್ಷೀಯ ಸಂಬಂಧವನ್ನು ಮರುಸ್ಥಾಪಿಸುವ ಪ್ರಯತ್ನದ ಭಾಗವಾಗಿ ಈ ಸಭೆ ನಡೆದಿದ್ದು, ಉಭಯ ದೇಶಗಳು ಹೈಕಮಿಷನರ್‌ಗಳನ್ನು ಪುನಃ ನೇಮಕ ಮಾಡಿವೆ. ಭದ್ರತೆ, ವ್ಯಾಪಾರ ಮತ್ತು ಜನರ ನಡುವಿನ ಸಂಪರ್ಕ ಬಲಪಡಿಸುವ ಕುರಿತು ಚರ್ಚಿಸಲಾಯಿತು. ಕೆನಡಾ ಪ್ರಧಾನಿ ಮಾರ್ಕ್ ಕಾರ್ನಿ ಮತ್ತು ಪ್ರಧಾನಿ ಮೋದಿ ಅವರ ಭೇಟಿಯ ಬಳಿಕ ಸಂಬಂಧ ಸುಧಾರಣೆಯ ಹಾದಿಯಲ್ಲಿದೆ. ಖಲಿಸ್ತಾನಿ ಉಗ್ರವಾದದ ವಿರುದ್ಧ ಕ್ರಮ ಕೈಗೊಳ್ಳುವಂತೆ ಭಾರತ ಆಗ್ರಹಿಸಿದ್ದು, ಕೆನಡಾ ಸಕಾರಾತ್ಮಕವಾಗಿ ಸ್ಪಂದಿಸಿದೆ. ಮುಂದಿನ ದಿನಗಳಲ್ಲಿ ವ್ಯಾಪಾರ ಒಪ್ಪಂದ ಮಾತುಕತೆ ಪುನರಾರಂಭವಾಗುವ ನಿರೀಕ್ಷೆಯಿದೆ.
